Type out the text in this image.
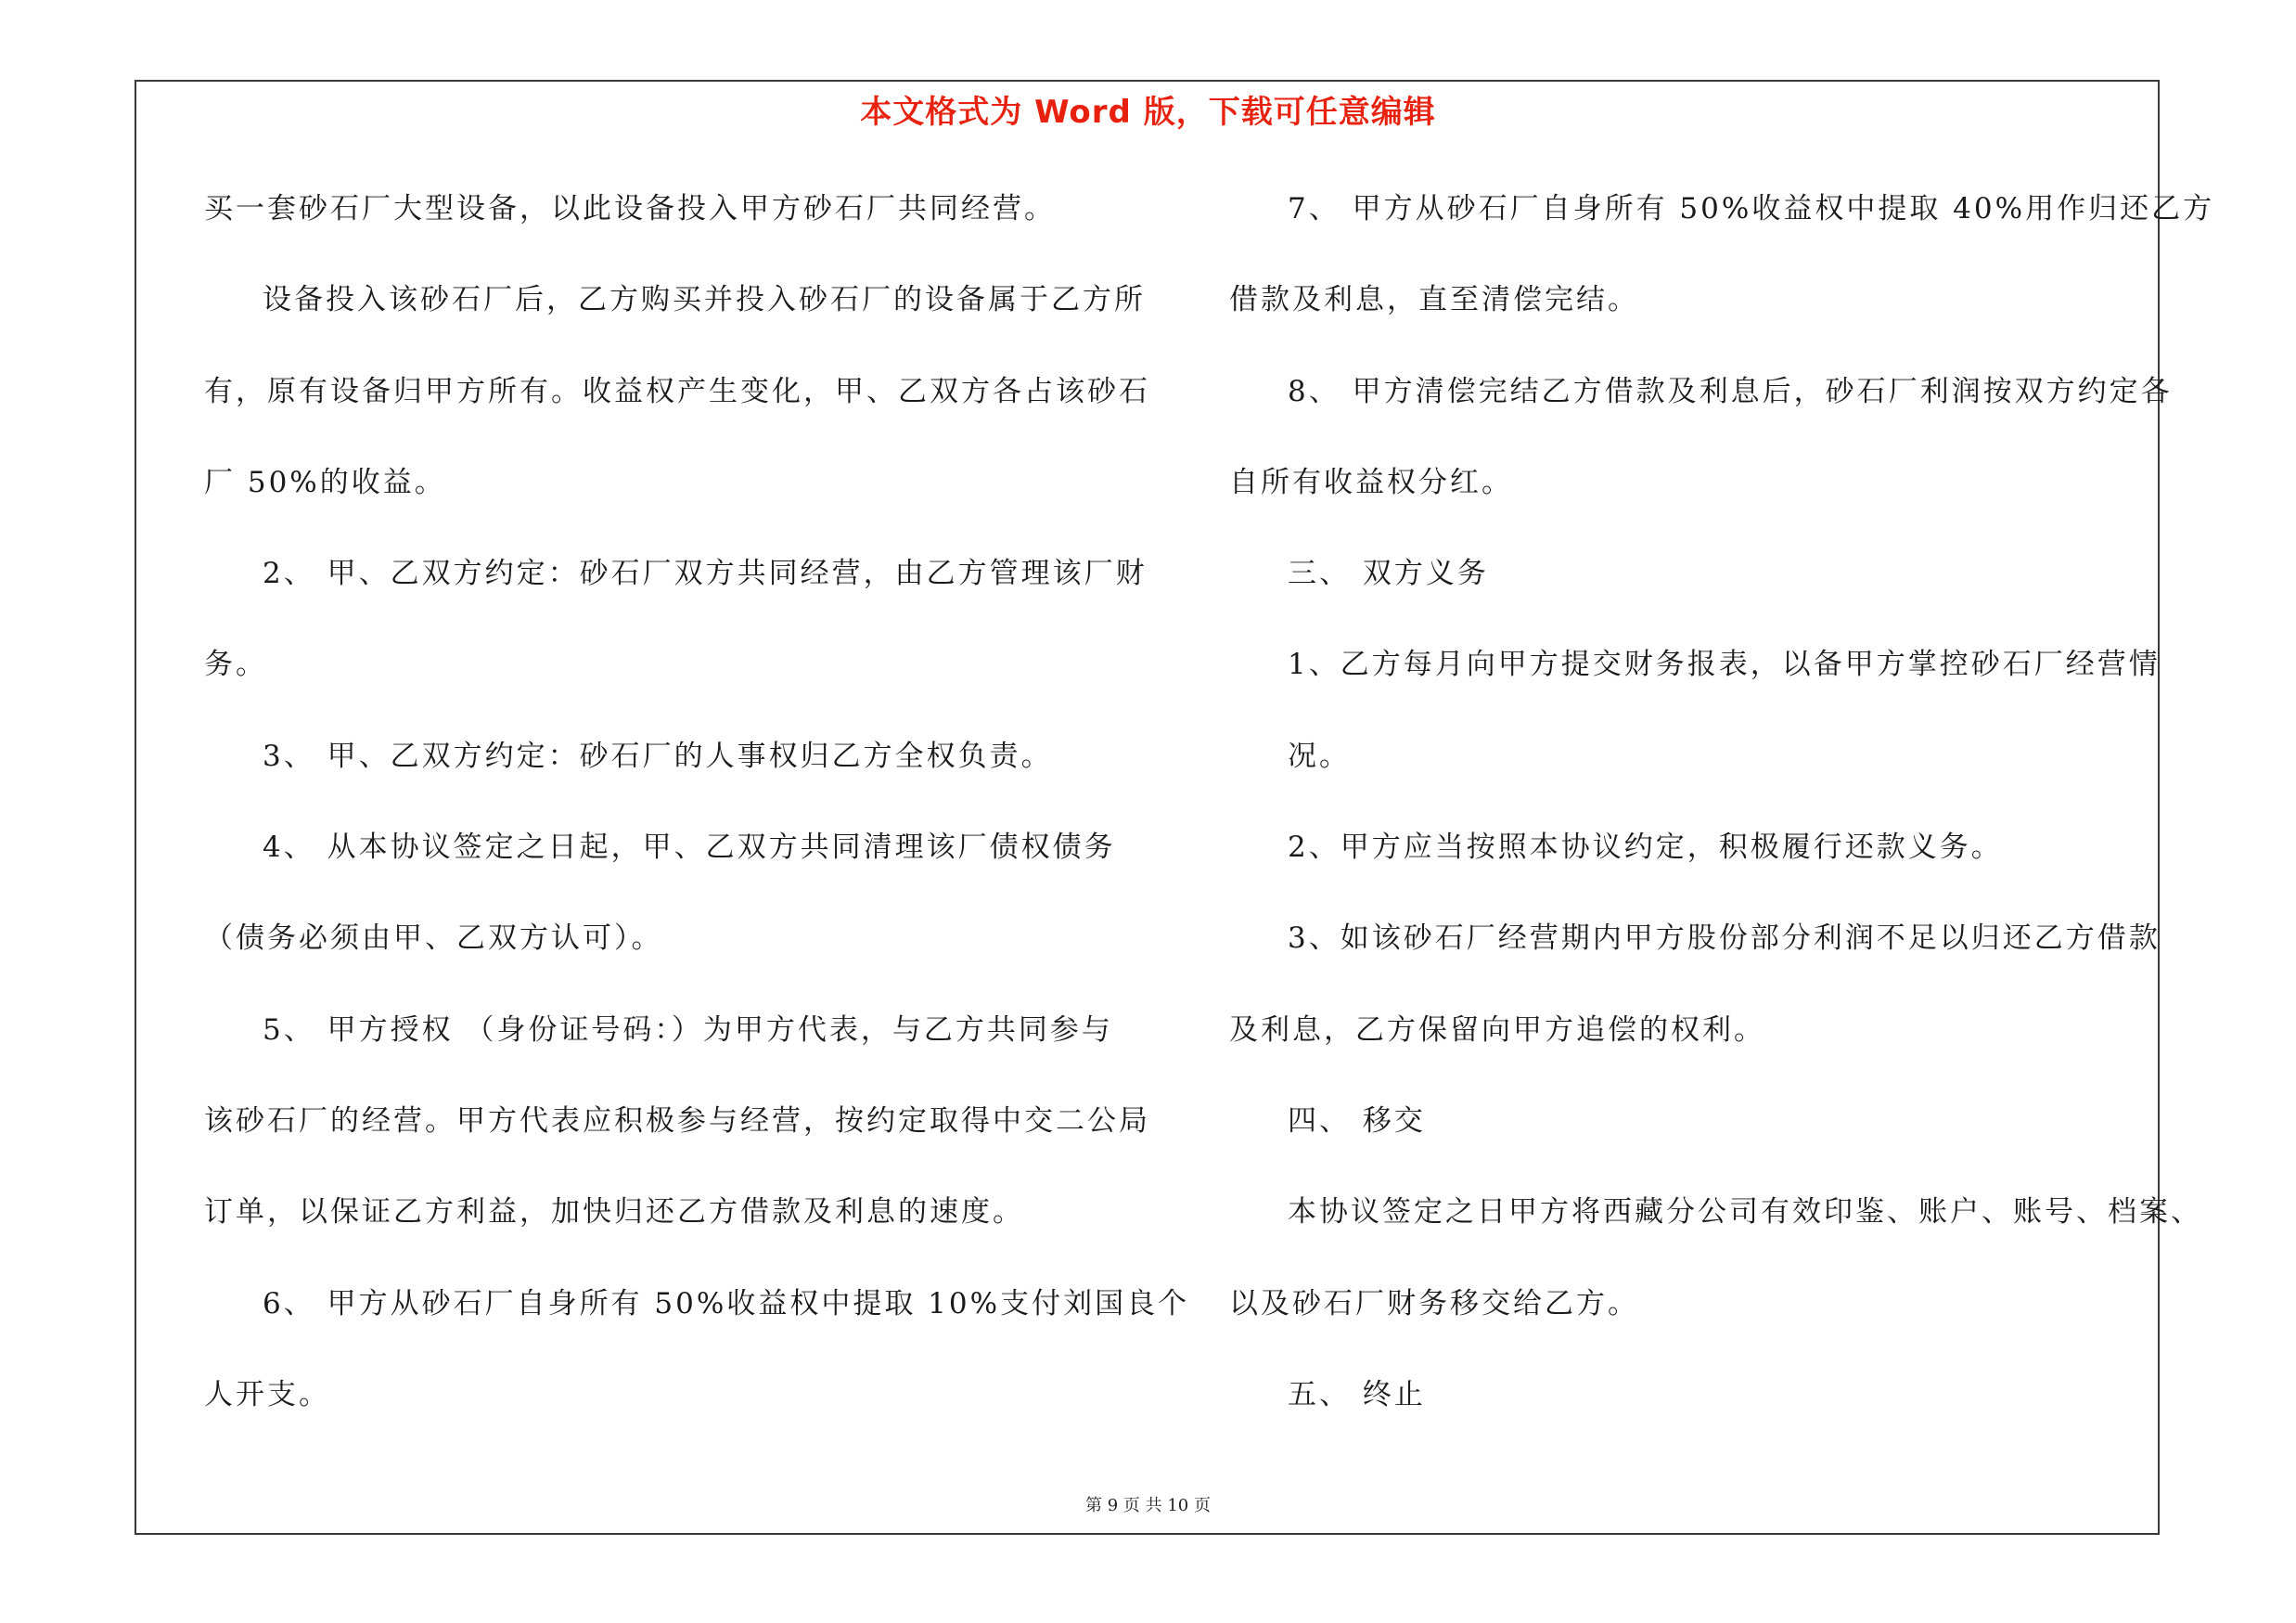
本文格式为 Word 版，下载可任意编辑
买一套砂石厂大型设备，以此设备投入甲方砂石厂共同经营。
设备投入该砂石厂后，乙方购买并投入砂石厂的设备属于乙方所
有，原有设备归甲方所有。收益权产生变化，甲、乙双方各占该砂石
厂 50%的收益。
2、 甲、乙双方约定：砂石厂双方共同经营，由乙方管理该厂财
务。
3、 甲、乙双方约定：砂石厂的人事权归乙方全权负责。
4、 从本协议签定之日起，甲、乙双方共同清理该厂债权债务
（债务必须由甲、乙双方认可）。
5、 甲方授权 （身份证号码：）为甲方代表，与乙方共同参与
该砂石厂的经营。甲方代表应积极参与经营，按约定取得中交二公局
订单，以保证乙方利益，加快归还乙方借款及利息的速度。
6、 甲方从砂石厂自身所有 50%收益权中提取 10%支付刘国良个
人开支。
7、 甲方从砂石厂自身所有 50%收益权中提取 40%用作归还乙方
借款及利息，直至清偿完结。
8、 甲方清偿完结乙方借款及利息后，砂石厂利润按双方约定各
自所有收益权分红。
三、 双方义务
1、乙方每月向甲方提交财务报表，以备甲方掌控砂石厂经营情
况。
2、甲方应当按照本协议约定，积极履行还款义务。
3、如该砂石厂经营期内甲方股份部分利润不足以归还乙方借款
及利息，乙方保留向甲方追偿的权利。
四、 移交
本协议签定之日甲方将西藏分公司有效印鉴、账户、账号、档案、
以及砂石厂财务移交给乙方。
五、 终止
第 9 页 共 10 页
